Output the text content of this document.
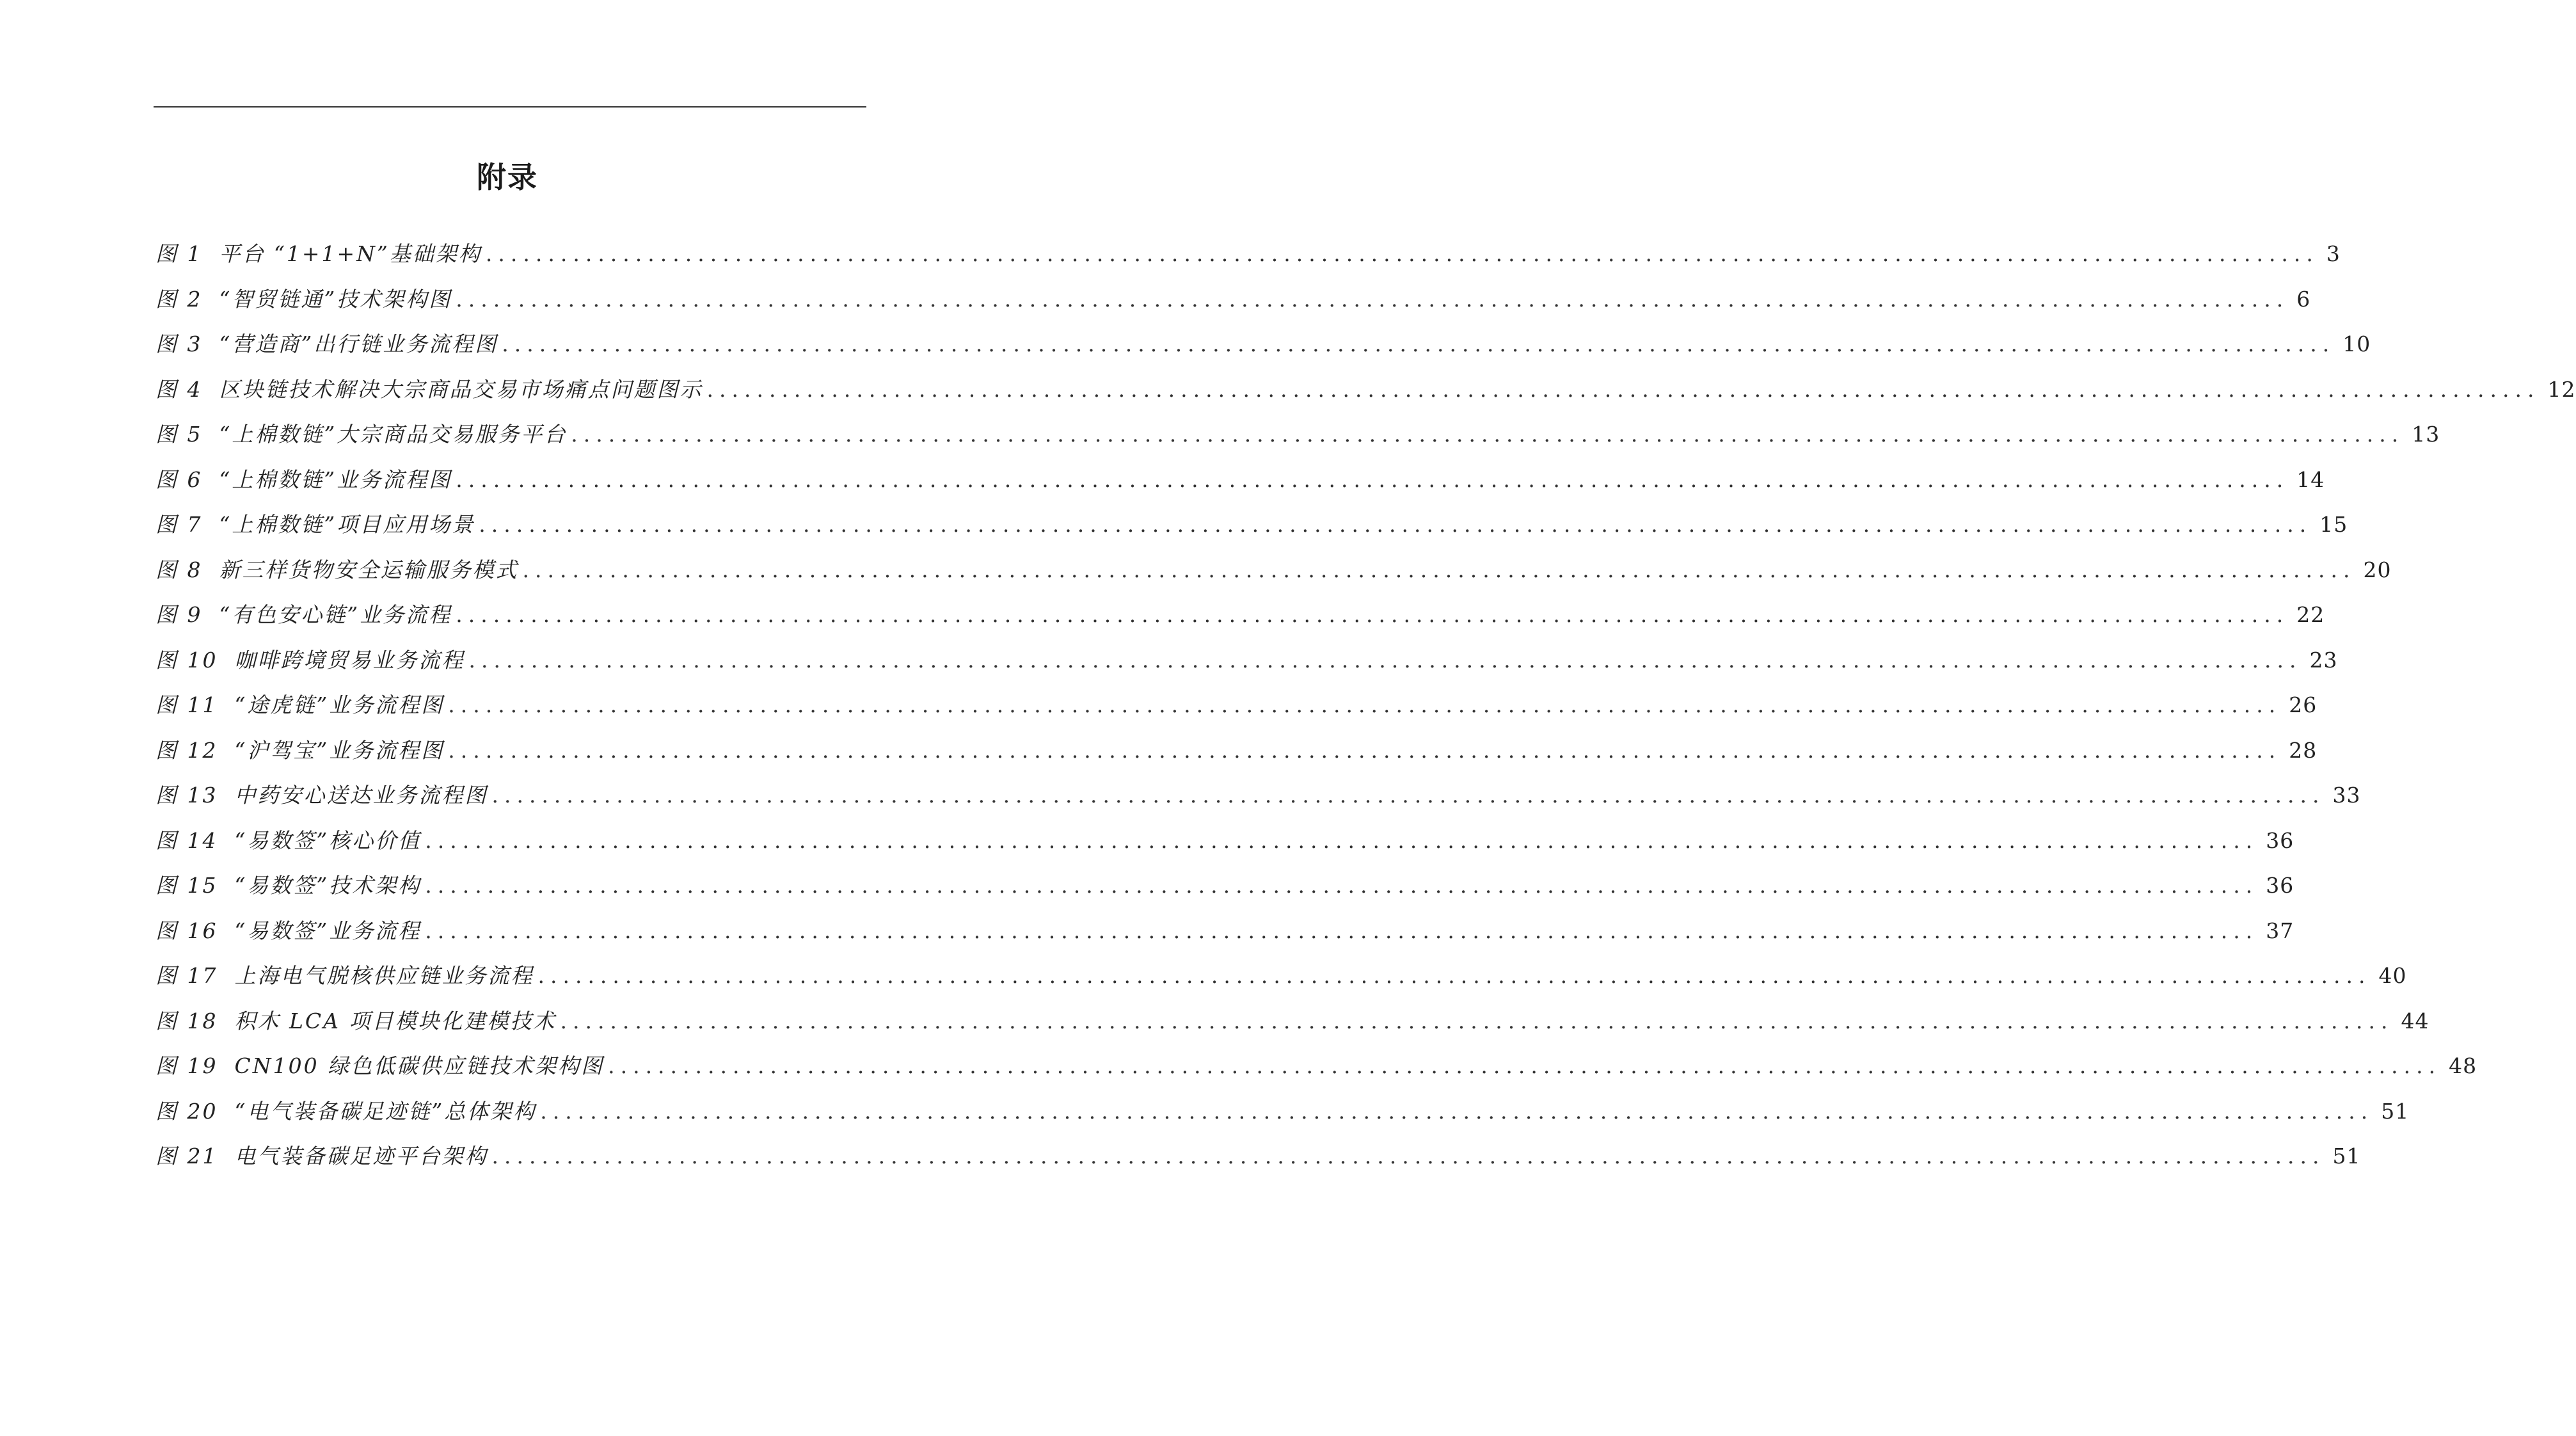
附录
图 1 平台 “1+1+N”基础架构 ................................................................................................................................................... 3
图 2 “智贸链通”技术架构图 ................................................................................................................................................... 6
图 3 “营造商”出行链业务流程图 ................................................................................................................................................... 10
图 4 区块链技术解决大宗商品交易市场痛点问题图示 ................................................................................................................................................... 12
图 5 “上棉数链”大宗商品交易服务平台 ................................................................................................................................................... 13
图 6 “上棉数链”业务流程图 ................................................................................................................................................... 14
图 7 “上棉数链”项目应用场景 ................................................................................................................................................... 15
图 8 新三样货物安全运输服务模式 ................................................................................................................................................... 20
图 9 “有色安心链”业务流程 ................................................................................................................................................... 22
图 10 咖啡跨境贸易业务流程 ................................................................................................................................................... 23
图 11 “途虎链”业务流程图 ................................................................................................................................................... 26
图 12 “沪驾宝”业务流程图 ................................................................................................................................................... 28
图 13 中药安心送达业务流程图 ................................................................................................................................................... 33
图 14 “易数签”核心价值 ................................................................................................................................................... 36
图 15 “易数签”技术架构 ................................................................................................................................................... 36
图 16 “易数签”业务流程 ................................................................................................................................................... 37
图 17 上海电气脱核供应链业务流程 ................................................................................................................................................... 40
图 18 积木 LCA 项目模块化建模技术 ................................................................................................................................................... 44
图 19 CN100 绿色低碳供应链技术架构图 ................................................................................................................................................... 48
图 20 “电气装备碳足迹链”总体架构 ................................................................................................................................................... 51
图 21 电气装备碳足迹平台架构 ................................................................................................................................................... 51
